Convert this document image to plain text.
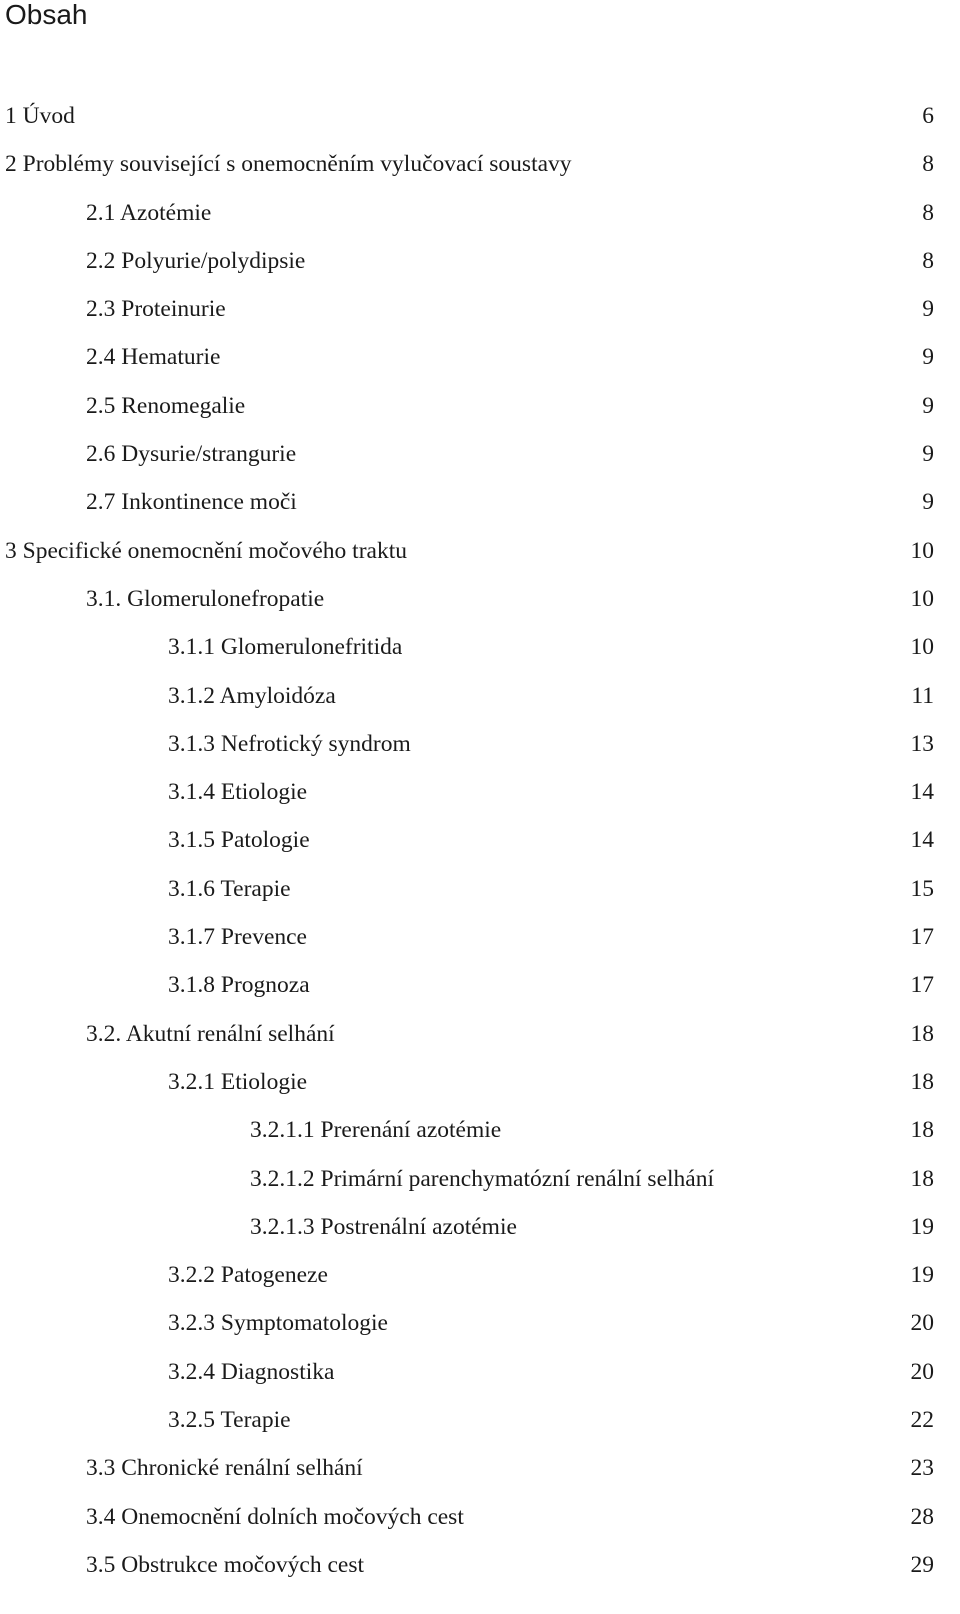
Obsah
1 Úvod	6
2 Problémy související s onemocněním vylučovací soustavy	8
2.1 Azotémie	8
2.2 Polyurie/polydipsie	8
2.3 Proteinurie	9
2.4 Hematurie	9
2.5 Renomegalie	9
2.6 Dysurie/strangurie	9
2.7 Inkontinence moči	9
3 Specifické onemocnění močového traktu	10
3.1. Glomerulonefropatie	10
3.1.1 Glomerulonefritida	10
3.1.2 Amyloidóza	11
3.1.3 Nefrotický syndrom	13
3.1.4 Etiologie	14
3.1.5 Patologie	14
3.1.6 Terapie	15
3.1.7 Prevence	17
3.1.8 Prognoza	17
3.2. Akutní renální selhání	18
3.2.1 Etiologie	18
3.2.1.1 Prerenání azotémie	18
3.2.1.2 Primární parenchymatózní renální selhání	18
3.2.1.3 Postrenální azotémie	19
3.2.2 Patogeneze	19
3.2.3 Symptomatologie	20
3.2.4 Diagnostika	20
3.2.5 Terapie	22
3.3 Chronické renální selhání	23
3.4 Onemocnění dolních močových cest	28
3.5 Obstrukce močových cest	29
